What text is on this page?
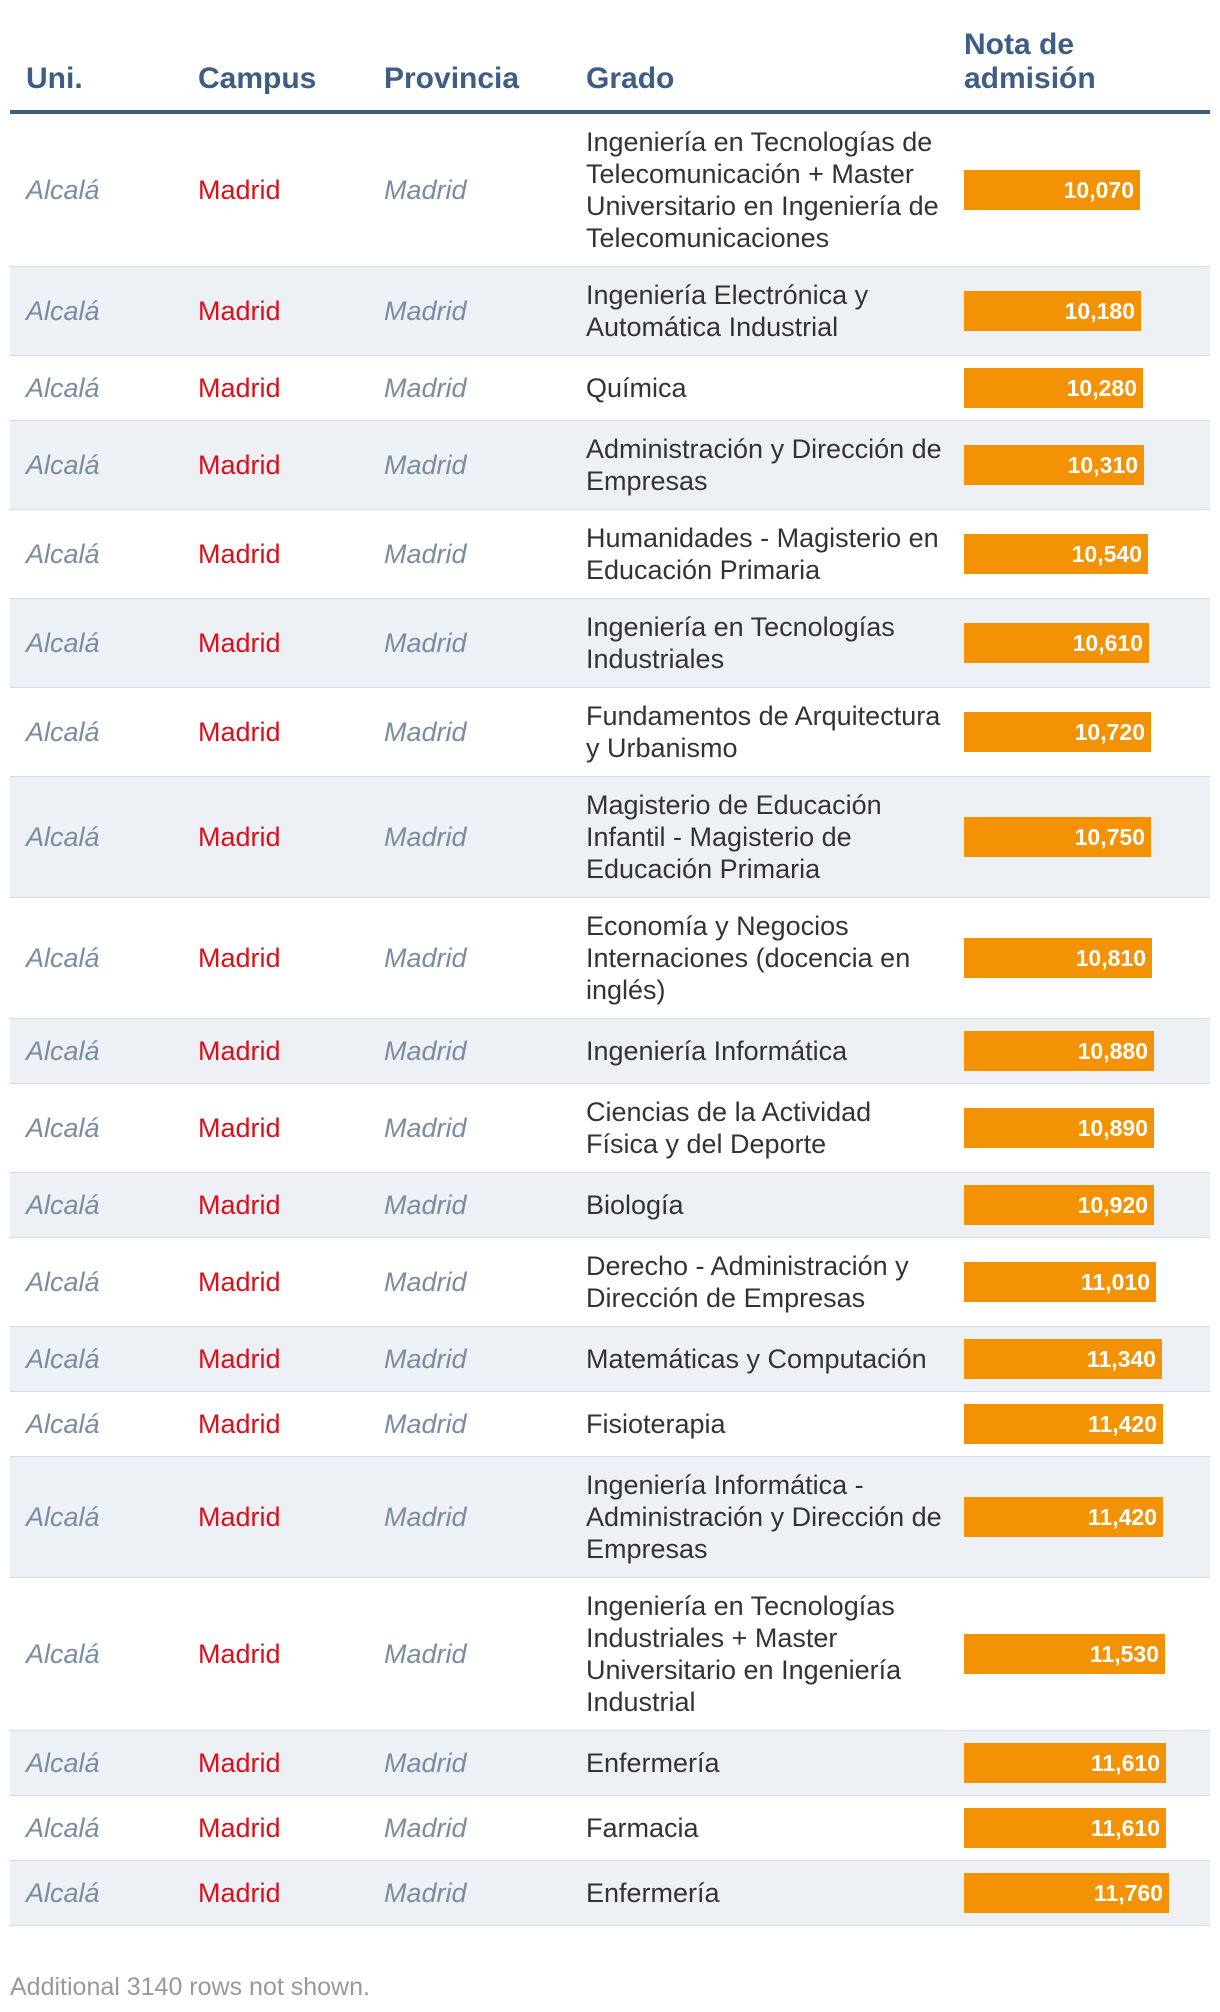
Uni.	Campus	Provincia	Grado	Nota de admisión
Alcalá	Madrid	Madrid	Ingeniería en Tecnologías de Telecomunicación + Master Universitario en Ingeniería de Telecomunicaciones	10,070

Alcalá	Madrid	Madrid	Ingeniería Electrónica y Automática Industrial	10,180

Alcalá	Madrid	Madrid	Química	10,280

Alcalá	Madrid	Madrid	Administración y Dirección de Empresas	10,310

Alcalá	Madrid	Madrid	Humanidades - Magisterio en Educación Primaria	10,540

Alcalá	Madrid	Madrid	Ingeniería en Tecnologías Industriales	10,610

Alcalá	Madrid	Madrid	Fundamentos de Arquitectura y Urbanismo	10,720

Alcalá	Madrid	Madrid	Magisterio de Educación Infantil - Magisterio de Educación Primaria	10,750

Alcalá	Madrid	Madrid	Economía y Negocios Internaciones (docencia en inglés)	10,810

Alcalá	Madrid	Madrid	Ingeniería Informática	10,880

Alcalá	Madrid	Madrid	Ciencias de la Actividad Física y del Deporte	10,890

Alcalá	Madrid	Madrid	Biología	10,920

Alcalá	Madrid	Madrid	Derecho - Administración y Dirección de Empresas	11,010

Alcalá	Madrid	Madrid	Matemáticas y Computación	11,340

Alcalá	Madrid	Madrid	Fisioterapia	11,420

Alcalá	Madrid	Madrid	Ingeniería Informática - Administración y Dirección de Empresas	11,420

Alcalá	Madrid	Madrid	Ingeniería en Tecnologías Industriales + Master Universitario en Ingeniería Industrial	11,530

Alcalá	Madrid	Madrid	Enfermería	11,610

Alcalá	Madrid	Madrid	Farmacia	11,610

Alcalá	Madrid	Madrid	Enfermería	11,760
Additional 3140 rows not shown.
